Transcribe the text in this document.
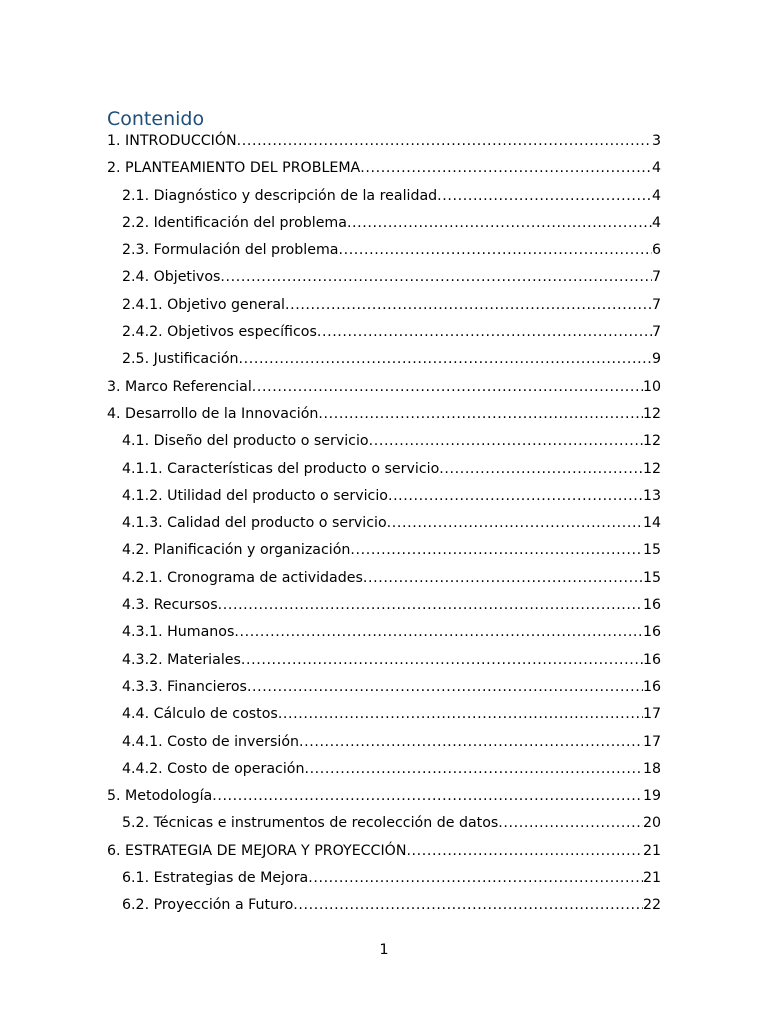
Contenido
1. INTRODUCCIÓN .....	3
2. PLANTEAMIENTO DEL PROBLEMA .....	4
2.1. Diagnóstico y descripción de la realidad .....	4
2.2. Identificación del problema .....	4
2.3. Formulación del problema .....	6
2.4. Objetivos .....	7
2.4.1. Objetivo general .....	7
2.4.2. Objetivos específicos .....	7
2.5. Justificación .....	9
3. Marco Referencial .....	10
4. Desarrollo de la Innovación .....	12
4.1. Diseño del producto o servicio .....	12
4.1.1. Características del producto o servicio .....	12
4.1.2. Utilidad del producto o servicio .....	13
4.1.3. Calidad del producto o servicio .....	14
4.2. Planificación y organización .....	15
4.2.1. Cronograma de actividades .....	15
4.3. Recursos .....	16
4.3.1. Humanos .....	16
4.3.2. Materiales .....	16
4.3.3. Financieros .....	16
4.4. Cálculo de costos .....	17
4.4.1. Costo de inversión .....	17
4.4.2. Costo de operación .....	18
5. Metodología .....	19
5.2. Técnicas e instrumentos de recolección de datos .....	20
6. ESTRATEGIA DE MEJORA Y PROYECCIÓN .....	21
6.1. Estrategias de Mejora .....	21
6.2. Proyección a Futuro .....	22
1
